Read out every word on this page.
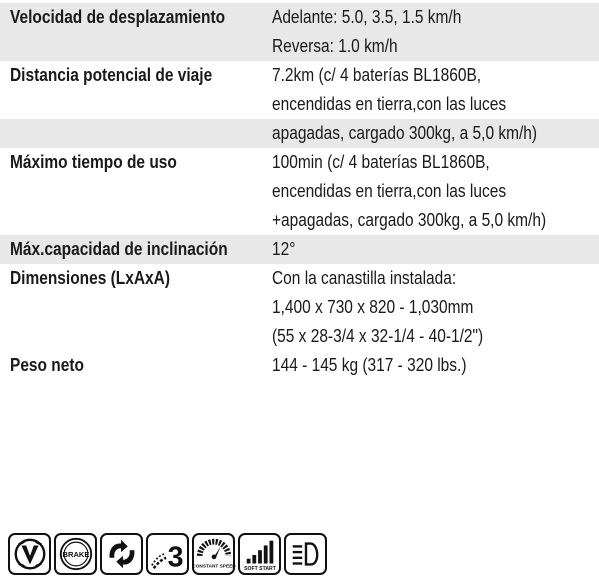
Velocidad de desplazamiento	Adelante: 5.0, 3.5, 1.5 km/h
Reversa: 1.0 km/h
Distancia potencial de viaje	7.2km (c/ 4 baterías BL1860B,
encendidas en tierra,con las luces
apagadas, cargado 300kg, a 5,0 km/h)
Máximo tiempo de uso	100min (c/ 4 baterías BL1860B,
encendidas en tierra,con las luces
+apagadas, cargado 300kg, a 5,0 km/h)
Máx.capacidad de inclinación 12°
Dimensiones (LxAxA)	Con la canastilla instalada:
1,400 x 730 x 820 - 1,030mm
(55 x 28-3/4 x 32-1/4 - 40-1/2")
Peso neto	144 - 145 kg (317 - 320 lbs.)
BRAKE	3 CONSTANT SPEED SOFT START
